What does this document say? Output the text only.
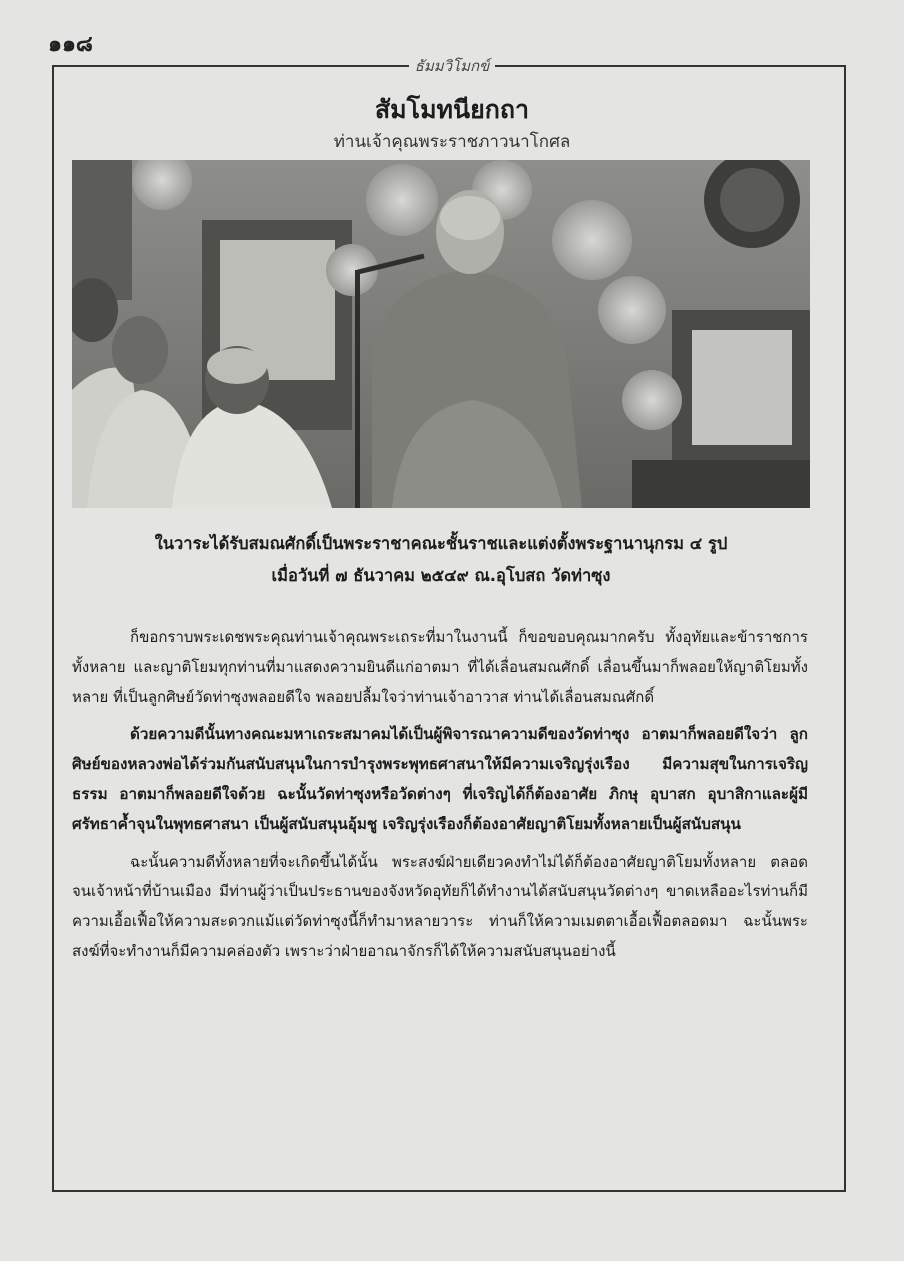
๑๑๘
ธัมมวิโมกข์
สัมโมทนียกถา
ท่านเจ้าคุณพระราชภาวนาโกศล
ในวาระได้รับสมณศักดิ์เป็นพระราชาคณะชั้นราชและแต่งตั้งพระฐานานุกรม ๔ รูป
เมื่อวันที่ ๗ ธันวาคม ๒๕๔๙ ณ.อุโบสถ วัดท่าซุง

ก็ขอกราบพระเดชพระคุณท่านเจ้าคุณพระเถระที่มาในงานนี้ ก็ขอขอบคุณมากครับ ทั้งอุทัยและข้าราชการทั้งหลาย และญาติโยมทุกท่านที่มาแสดงความยินดีแก่อาตมา ที่ได้เลื่อนสมณศักดิ์ เลื่อนขึ้นมาก็พลอยให้ญาติโยมทั้งหลาย ที่เป็นลูกศิษย์วัดท่าซุงพลอยดีใจ พลอยปลื้มใจว่าท่านเจ้าอาวาส ท่านได้เลื่อนสมณศักดิ์

ด้วยความดีนั้นทางคณะมหาเถระสมาคมได้เป็นผู้พิจารณาความดีของวัดท่าซุง อาตมาก็พลอยดีใจว่า ลูกศิษย์ของหลวงพ่อได้ร่วมกันสนับสนุนในการบำรุงพระพุทธศาสนาให้มีความเจริญรุ่งเรือง มีความสุขในการเจริญธรรม อาตมาก็พลอยดีใจด้วย ฉะนั้นวัดท่าซุงหรือวัดต่างๆ ที่เจริญได้ก็ต้องอาศัย ภิกษุ อุบาสก อุบาสิกาและผู้มีศรัทธาค้ำจุนในพุทธศาสนา เป็นผู้สนับสนุนอุ้มชู เจริญรุ่งเรืองก็ต้องอาศัยญาติโยมทั้งหลายเป็นผู้สนับสนุน

ฉะนั้นความดีทั้งหลายที่จะเกิดขึ้นได้นั้น พระสงฆ์ฝ่ายเดียวคงทำไม่ได้ก็ต้องอาศัยญาติโยมทั้งหลาย ตลอดจนเจ้าหน้าที่บ้านเมือง มีท่านผู้ว่าเป็นประธานของจังหวัดอุทัยก็ได้ทำงานได้สนับสนุนวัดต่างๆ ขาดเหลืออะไรท่านก็มีความเอื้อเฟื้อให้ความสะดวกแม้แต่วัดท่าซุงนี้ก็ทำมาหลายวาระ ท่านก็ให้ความเมตตาเอื้อเฟื้อตลอดมา ฉะนั้นพระสงฆ์ที่จะทำงานก็มีความคล่องตัว เพราะว่าฝ่ายอาณาจักรก็ได้ให้ความสนับสนุนอย่างนี้
